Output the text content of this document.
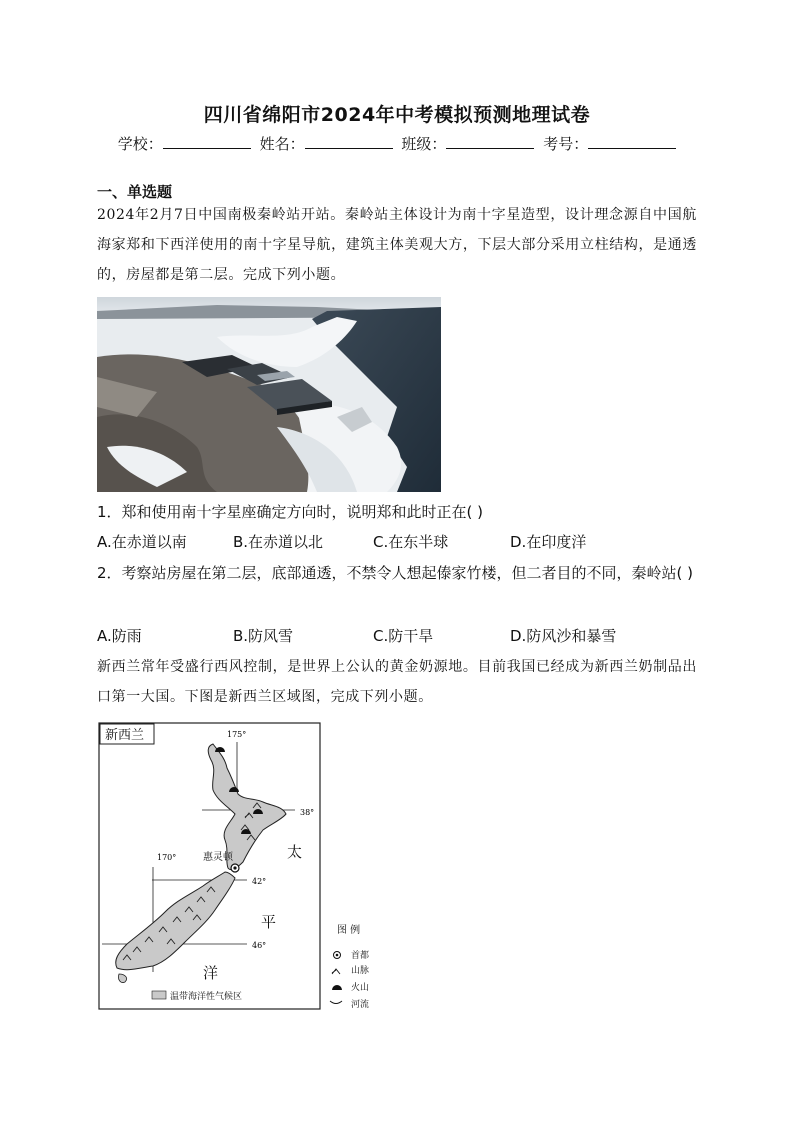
四川省绵阳市2024年中考模拟预测地理试卷
学校：	姓名：	班级：	考号：
一、单选题
2024年2月7日中国南极秦岭站开站。秦岭站主体设计为南十字星造型，设计理念源自中国航海家郑和下西洋使用的南十字星导航，建筑主体美观大方，下层大部分采用立柱结构，是通透的，房屋都是第二层。完成下列小题。
1．郑和使用南十字星座确定方向时，说明郑和此时正在( )
A.在赤道以南	B.在赤道以北	C.在东半球	D.在印度洋
2．考察站房屋在第二层，底部通透，不禁令人想起傣家竹楼，但二者目的不同，秦岭站( )
A.防雨	B.防风雪	C.防干旱	D.防风沙和暴雪
新西兰常年受盛行西风控制，是世界上公认的黄金奶源地。目前我国已经成为新西兰奶制品出口第一大国。下图是新西兰区域图，完成下列小题。
新西兰	175°
170°
38°
42°
46°
惠灵顿	太
平
洋
温带海洋性气候区
图 例
首都
山脉
火山
河流
